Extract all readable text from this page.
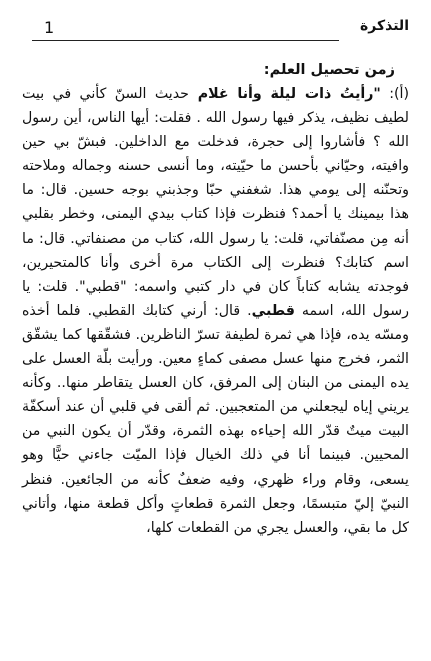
التذكرة
1

زمن تحصيل العلم:

(أ): "رأيتُ ذات ليلة وأنا غلام حديث السنّ كأني في بيت لطيف نظيف، يذكر فيها رسول الله . فقلت: أيها الناس، أين رسول الله ؟ فأشاروا إلى حجرة، فدخلت مع الداخلين. فبشّ بي حين وافيته، وحيّاني بأحسن ما حيّيته، وما أنسى حسنه وجماله وملاحته وتحنّنه إلى يومي هذا. شغفني حبّا وجذبني بوجه حسين. قال: ما هذا بيمينك يا أحمد؟ فنظرت فإذا كتاب بيدي اليمنى، وخطر بقلبي أنه مِن مصنّفاتي، قلت: يا رسول الله، كتاب من مصنفاتي. قال: ما اسم كتابك؟ فنظرت إلى الكتاب مرة أخرى وأنا كالمتحيرين، فوجدته يشابه كتاباً كان في دار كتبي واسمه: "قطبي". قلت: يا رسول الله، اسمه قطبي. قال: أرني كتابك القطبي. فلما أخذه ومسّه يده، فإذا هي ثمرة لطيفة تسرّ الناظرين. فشقّقها كما يشقّق الثمر، فخرج منها عسل مصفى كماءٍ معين. ورأيت بلّة العسل على يده اليمنى من البنان إلى المرفق، كان العسل يتقاطر منها.. وكأنه يريني إياه ليجعلني من المتعجبين. ثم ألقى في قلبي أن عند أسكفّة البيت ميتٌ قدّر الله إحياءه بهذه الثمرة، وقدّر أن يكون النبي من المحيين. فبينما أنا في ذلك الخيال فإذا الميّت جاءني حيًّا وهو يسعى، وقام وراء ظهري، وفيه ضعفٌ كأنه من الجائعين. فنظر النبيّ إليّ متبسمًا، وجعل الثمرة قطعاتٍ وأكل قطعة منها، وأتاني كل ما بقي، والعسل يجري من القطعات كلها،
